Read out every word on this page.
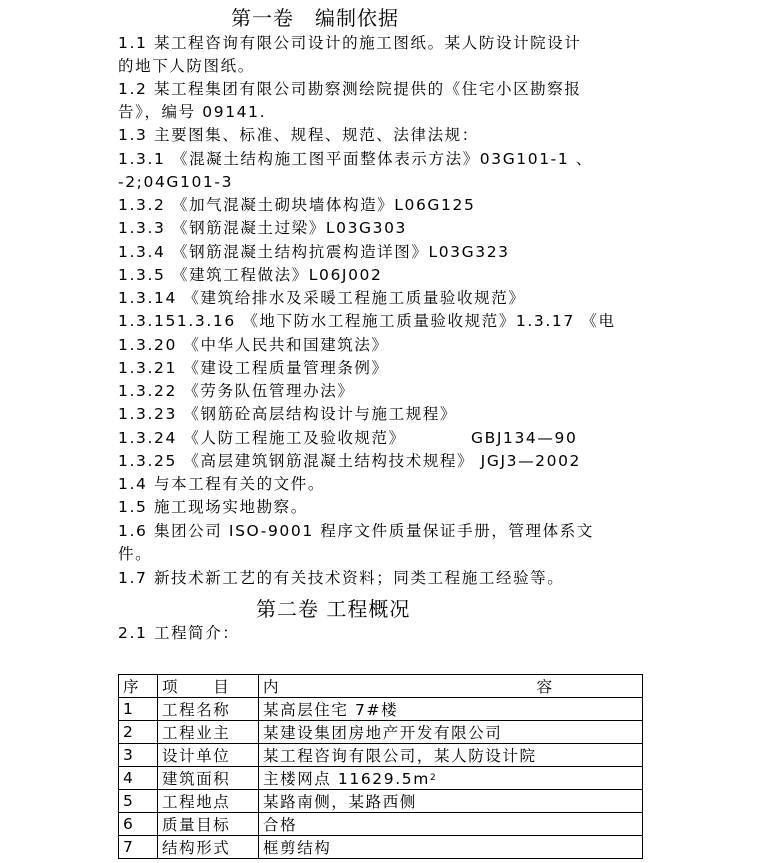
第一卷　编制依据
1.1 某工程咨询有限公司设计的施工图纸。某人防设计院设计
的地下人防图纸。
1.2 某工程集团有限公司勘察测绘院提供的《住宅小区勘察报
告》，编号 09141.
1.3 主要图集、标准、规程、规范、法律法规：
1.3.1 《混凝土结构施工图平面整体表示方法》03G101-1 、
-2;04G101-3
1.3.2 《加气混凝土砌块墙体构造》L06G125
1.3.3 《钢筋混凝土过梁》L03G303
1.3.4 《钢筋混凝土结构抗震构造详图》L03G323
1.3.5 《建筑工程做法》L06J002
1.3.14 《建筑给排水及采暖工程施工质量验收规范》
1.3.151.3.16 《地下防水工程施工质量验收规范》1.3.17 《电
1.3.20 《中华人民共和国建筑法》
1.3.21 《建设工程质量管理条例》
1.3.22 《劳务队伍管理办法》
1.3.23 《钢筋砼高层结构设计与施工规程》
1.3.24 《人防工程施工及验收规范》          GBJ134—90
1.3.25 《高层建筑钢筋混凝土结构技术规程》 JGJ3—2002
1.4 与本工程有关的文件。
1.5 施工现场实地勘察。
1.6 集团公司 ISO-9001 程序文件质量保证手册，管理体系文
件。
1.7 新技术新工艺的有关技术资料；同类工程施工经验等。
第二卷 工程概况
2.1 工程简介：
序	项　　目	内　　　　　　　　　　　　　　　容
1	工程名称	某高层住宅 7#楼
2	工程业主	某建设集团房地产开发有限公司
3	设计单位	某工程咨询有限公司，某人防设计院
4	建筑面积	主楼网点 $11629.5m^2$
5	工程地点	某路南侧，某路西侧
6	质量目标	合格
7	结构形式	框剪结构
